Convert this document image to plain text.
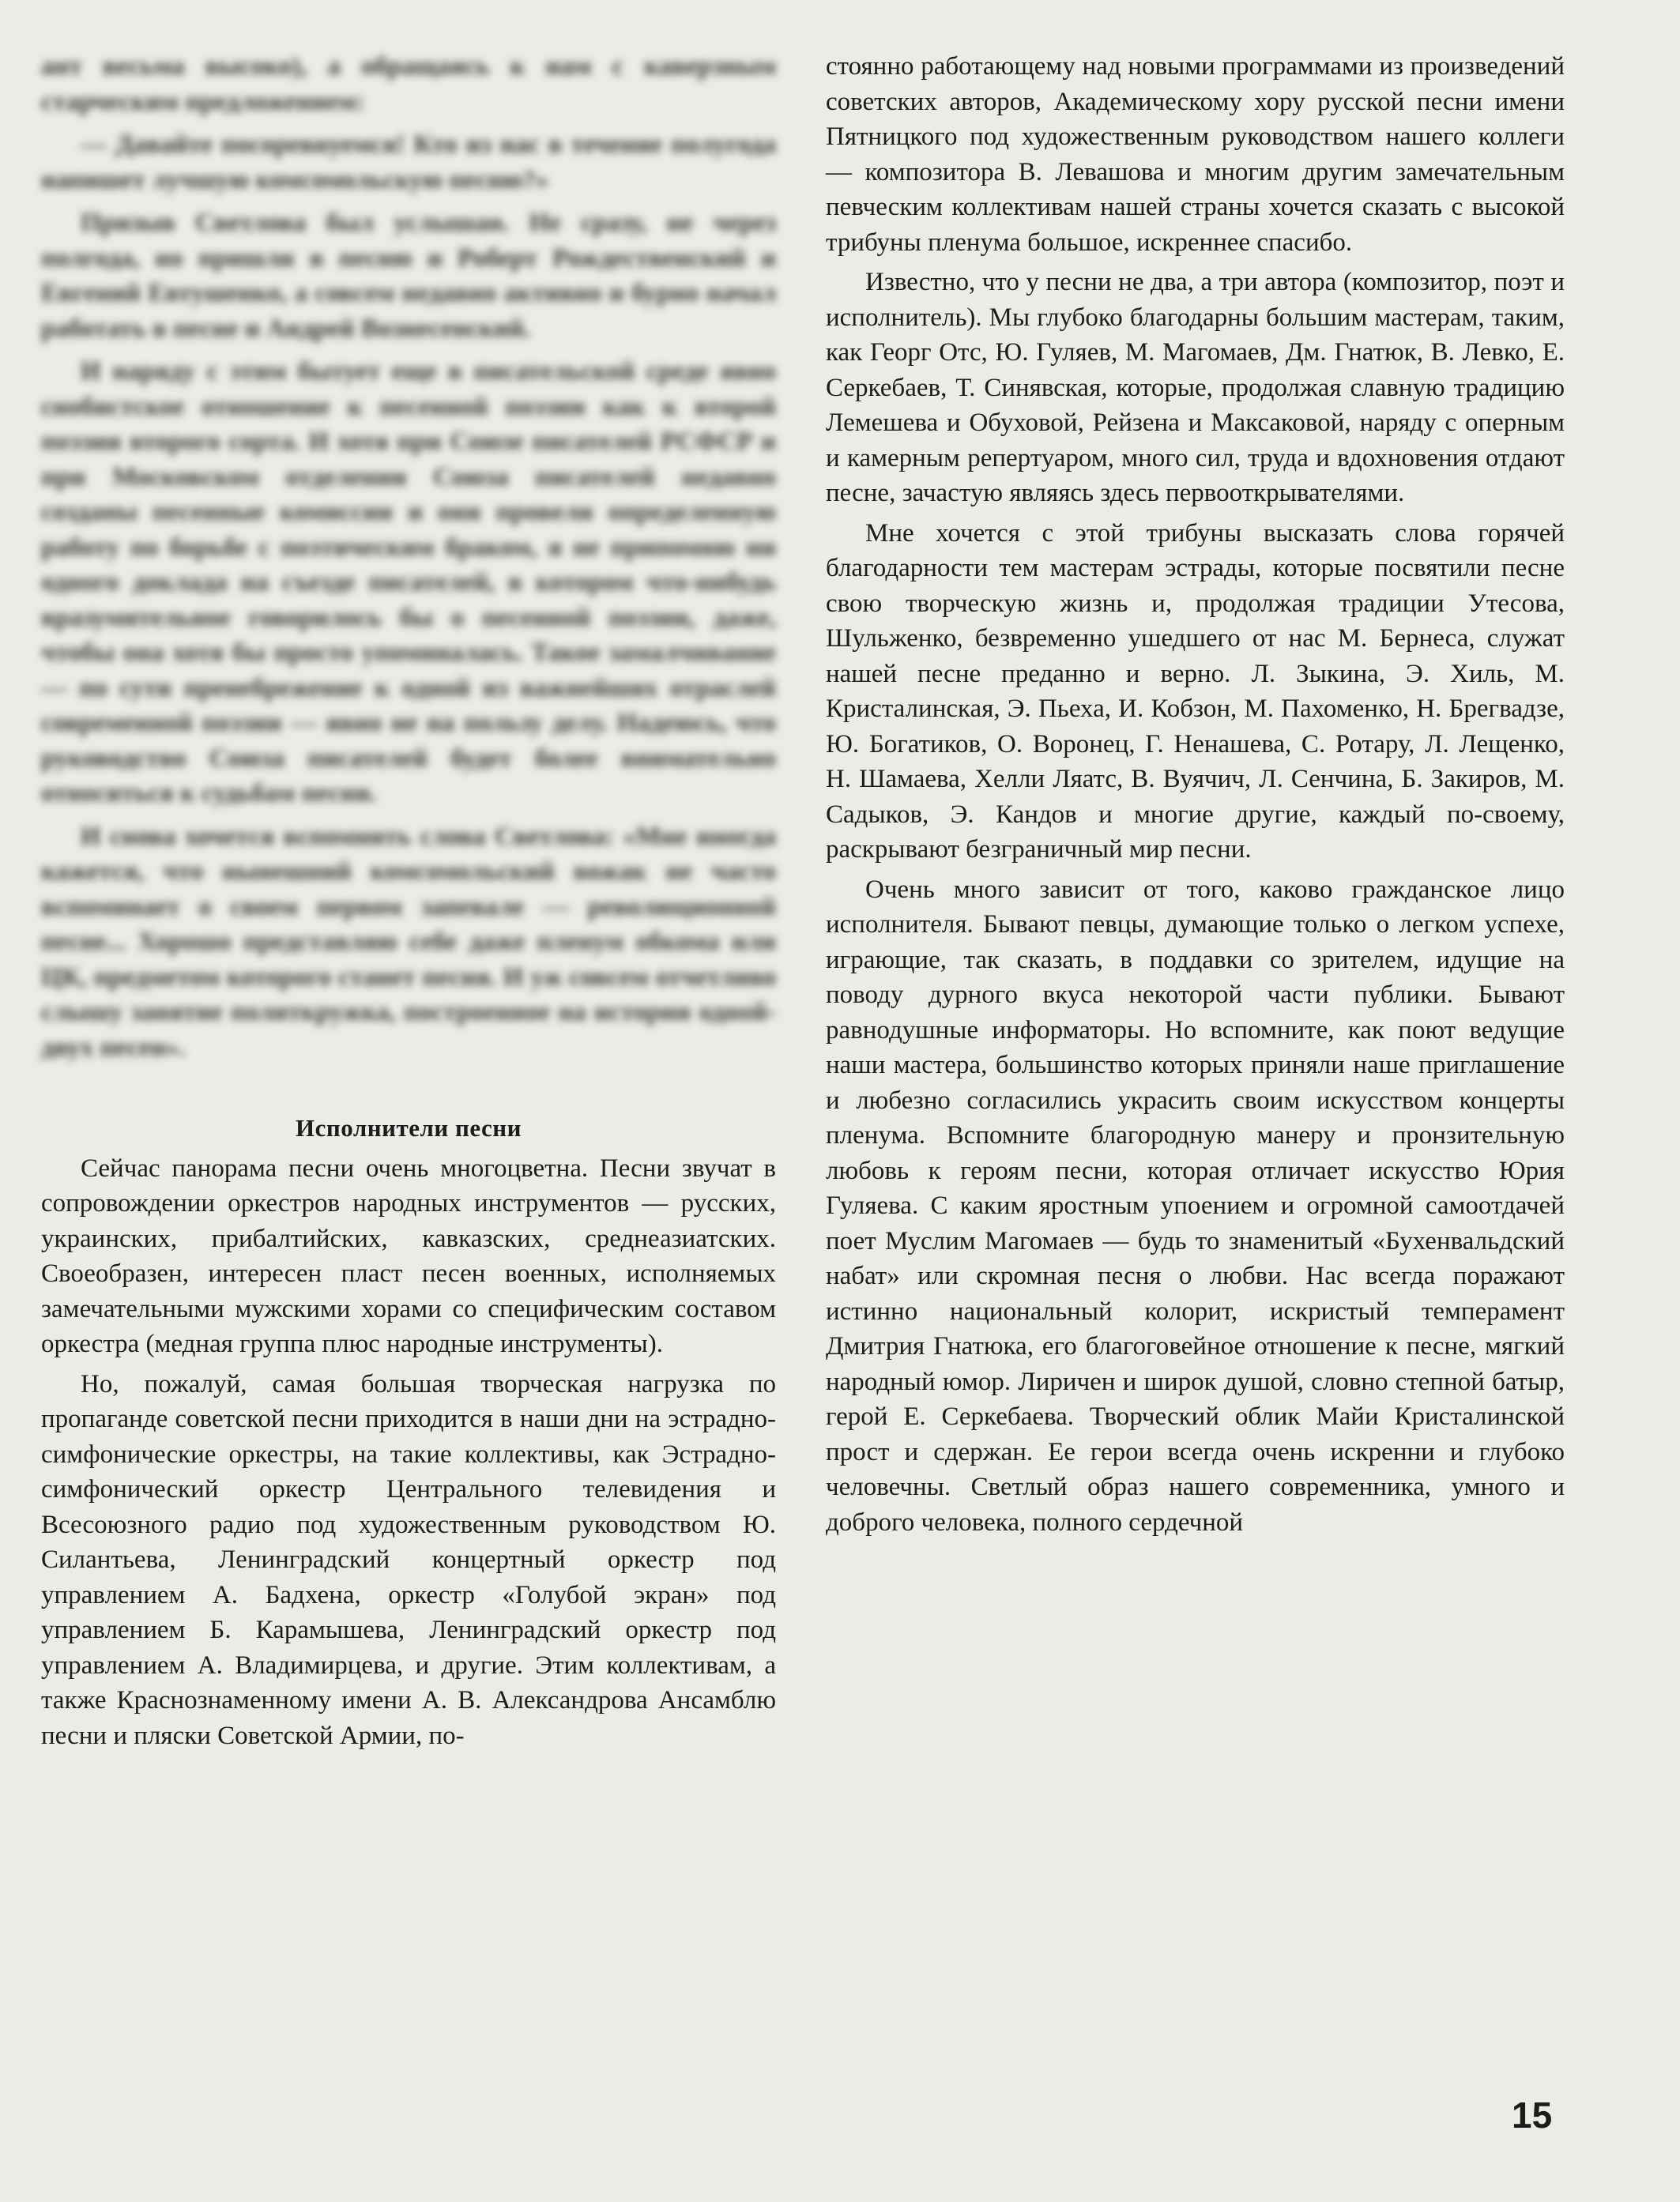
ант весьма высоко), а обращаясь к нам с каверзным старческим предложением:

— Давайте посоревнуемся! Кто из нас в течение полугода напишет лучшую комсомольскую песню?»

Призыв Светлова был услышан. Не сразу, не через полгода, но пришли в песню и Роберт Рождественский и Евгений Евтушенко, а совсем недавно активно и бурно начал работать в песне и Андрей Вознесенский.

И наряду с этим бытует еще в писательской среде явно снобистское отношение к песенной поэзии как к второй поэзии второго сорта. И хотя при Союзе писателей РСФСР и при Московском отделении Союза писателей недавно созданы песенные комиссии и они провели определенную работу по борьбе с поэтическим браком, я не припомню ни одного доклада на съезде писателей, в котором что-нибудь вразумительное говорилось бы о песенной поэзии, даже, чтобы она хотя бы просто упоминалась. Такое замалчивание — по сути пренебрежение к одной из важнейших отраслей современной поэзии — явно не на пользу делу. Надеюсь, что руководство Союза писателей будет более внимательно относиться к судьбам песни.

И снова хочется вспомнить слова Светлова: «Мне иногда кажется, что нынешний комсомольский вожак не часто вспоминает о своем первом запевале — революционной песне... Хорошо представляю себе даже пленум обкома или ЦК, предметом которого станет песня. И уж совсем отчетливо слышу занятие политкружка, построенное на истории одной-двух песен».

Исполнители песни

Сейчас панорама песни очень многоцветна. Песни звучат в сопровождении оркестров народных инструментов — русских, украинских, прибалтийских, кавказских, среднеазиатских. Своеобразен, интересен пласт песен военных, исполняемых замечательными мужскими хорами со специфическим составом оркестра (медная группа плюс народные инструменты).

Но, пожалуй, самая большая творческая нагрузка по пропаганде советской песни приходится в наши дни на эстрадно-симфонические оркестры, на такие коллективы, как Эстрадно-симфонический оркестр Центрального телевидения и Всесоюзного радио под художественным руководством Ю. Силантьева, Ленинградский концертный оркестр под управлением А. Бадхена, оркестр «Голубой экран» под управлением Б. Карамышева, Ленинградский оркестр под управлением А. Владимирцева, и другие. Этим коллективам, а также Краснознаменному имени А. В. Александрова Ансамблю песни и пляски Советской Армии, по-

стоянно работающему над новыми программами из произведений советских авторов, Академическому хору русской песни имени Пятницкого под художественным руководством нашего коллеги — композитора В. Левашова и многим другим замечательным певческим коллективам нашей страны хочется сказать с высокой трибуны пленума большое, искреннее спасибо.

Известно, что у песни не два, а три автора (композитор, поэт и исполнитель). Мы глубоко благодарны большим мастерам, таким, как Георг Отс, Ю. Гуляев, М. Магомаев, Дм. Гнатюк, В. Левко, Е. Серкебаев, Т. Синявская, которые, продолжая славную традицию Лемешева и Обуховой, Рейзена и Максаковой, наряду с оперным и камерным репертуаром, много сил, труда и вдохновения отдают песне, зачастую являясь здесь первооткрывателями.

Мне хочется с этой трибуны высказать слова горячей благодарности тем мастерам эстрады, которые посвятили песне свою творческую жизнь и, продолжая традиции Утесова, Шульженко, безвременно ушедшего от нас М. Бернеса, служат нашей песне преданно и верно. Л. Зыкина, Э. Хиль, М. Кристалинская, Э. Пьеха, И. Кобзон, М. Пахоменко, Н. Брегвадзе, Ю. Богатиков, О. Воронец, Г. Ненашева, С. Ротару, Л. Лещенко, Н. Шамаева, Хелли Ляатс, В. Вуячич, Л. Сенчина, Б. Закиров, М. Садыков, Э. Кандов и многие другие, каждый по-своему, раскрывают безграничный мир песни.

Очень много зависит от того, каково гражданское лицо исполнителя. Бывают певцы, думающие только о легком успехе, играющие, так сказать, в поддавки со зрителем, идущие на поводу дурного вкуса некоторой части публики. Бывают равнодушные информаторы. Но вспомните, как поют ведущие наши мастера, большинство которых приняли наше приглашение и любезно согласились украсить своим искусством концерты пленума. Вспомните благородную манеру и пронзительную любовь к героям песни, которая отличает искусство Юрия Гуляева. С каким яростным упоением и огромной самоотдачей поет Муслим Магомаев — будь то знаменитый «Бухенвальдский набат» или скромная песня о любви. Нас всегда поражают истинно национальный колорит, искристый темперамент Дмитрия Гнатюка, его благоговейное отношение к песне, мягкий народный юмор. Лиричен и широк душой, словно степной батыр, герой Е. Серкебаева. Творческий облик Майи Кристалинской прост и сдержан. Ее герои всегда очень искренни и глубоко человечны. Светлый образ нашего современника, умного и доброго человека, полного сердечной

15
